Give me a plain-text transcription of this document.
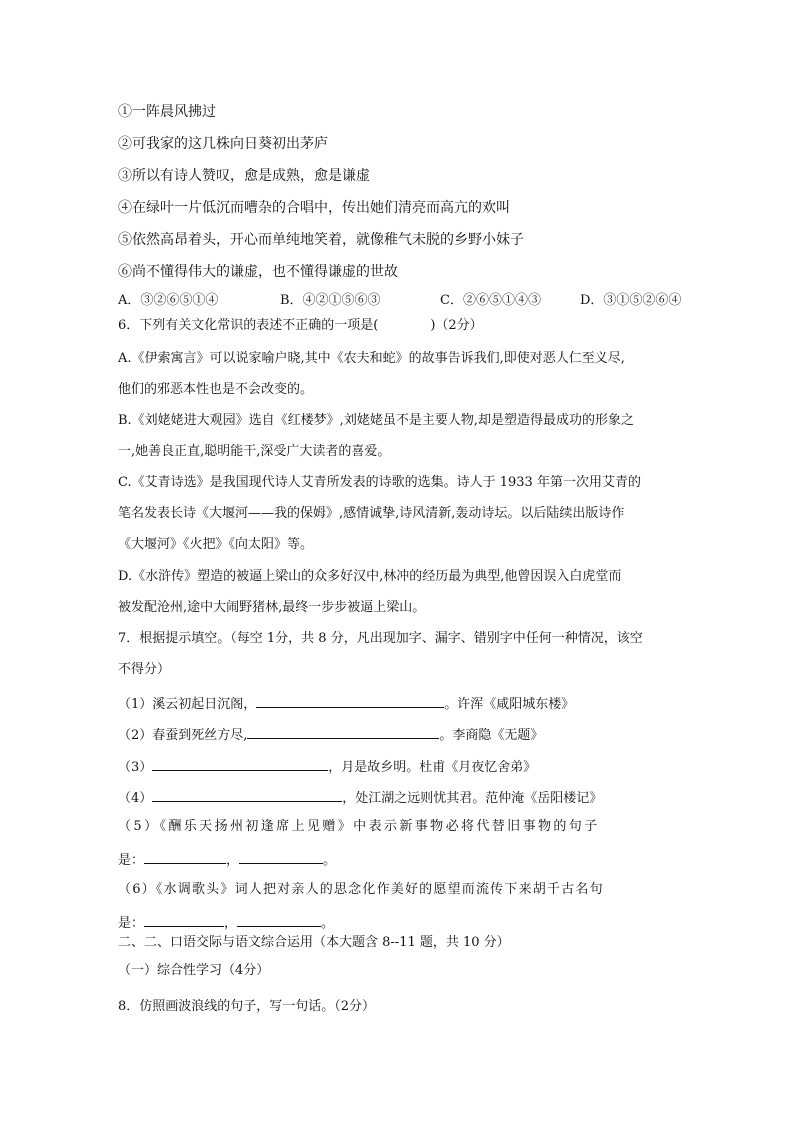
①一阵晨风拂过
②可我家的这几株向日葵初出茅庐
③所以有诗人赞叹，愈是成熟，愈是谦虚
④在绿叶一片低沉而嘈杂的合唱中，传出她们清亮而高亢的欢叫
⑤依然高昂着头，开心而单纯地笑着，就像稚气未脱的乡野小妹子
⑥尚不懂得伟大的谦虚，也不懂得谦虚的世故
A．③②⑥⑤①④	B．④②①⑤⑥③	C．②⑥⑤①④③	D．③①⑤②⑥④
6．下列有关文化常识的表述不正确的一项是(　　　　)（2分）
A.《伊索寓言》可以说家喻户晓,其中《农夫和蛇》的故事告诉我们,即使对恶人仁至义尽,
他们的邪恶本性也是不会改变的。
B.《刘姥姥进大观园》选自《红楼梦》,刘姥姥虽不是主要人物,却是塑造得最成功的形象之
一,她善良正直,聪明能干,深受广大读者的喜爱。
C.《艾青诗选》是我国现代诗人艾青所发表的诗歌的选集。诗人于 1933 年第一次用艾青的
笔名发表长诗《大堰河——我的保姆》,感情诚挚,诗风清新,轰动诗坛。以后陆续出版诗作
《大堰河》《火把》《向太阳》等。
D.《水浒传》塑造的被逼上梁山的众多好汉中,林冲的经历最为典型,他曾因误入白虎堂而
被发配沧州,途中大闹野猪林,最终一步步被逼上梁山。
7．根据提示填空。（每空 1分，共 8 分，凡出现加字、漏字、错别字中任何一种情况，该空
不得分）
（1）溪云初起日沉阁，	。许浑《咸阳城东楼》
（2）春蚕到死丝方尽,	。李商隐《无题》
（3）	，月是故乡明。杜甫《月夜忆舍弟》
（4）	，处江湖之远则忧其君。范仲淹《岳阳楼记》
（5）《酬乐天扬州初逢席上见赠》中表示新事物必将代替旧事物的句子
是：	，	。
（6）《水调歌头》词人把对亲人的思念化作美好的愿望而流传下来胡千古名句
是：	，	。
二、二、口语交际与语文综合运用（本大题含 8--11 题，共 10 分）
（一）综合性学习（4分）
8．仿照画波浪线的句子，写一句话。（2分）
